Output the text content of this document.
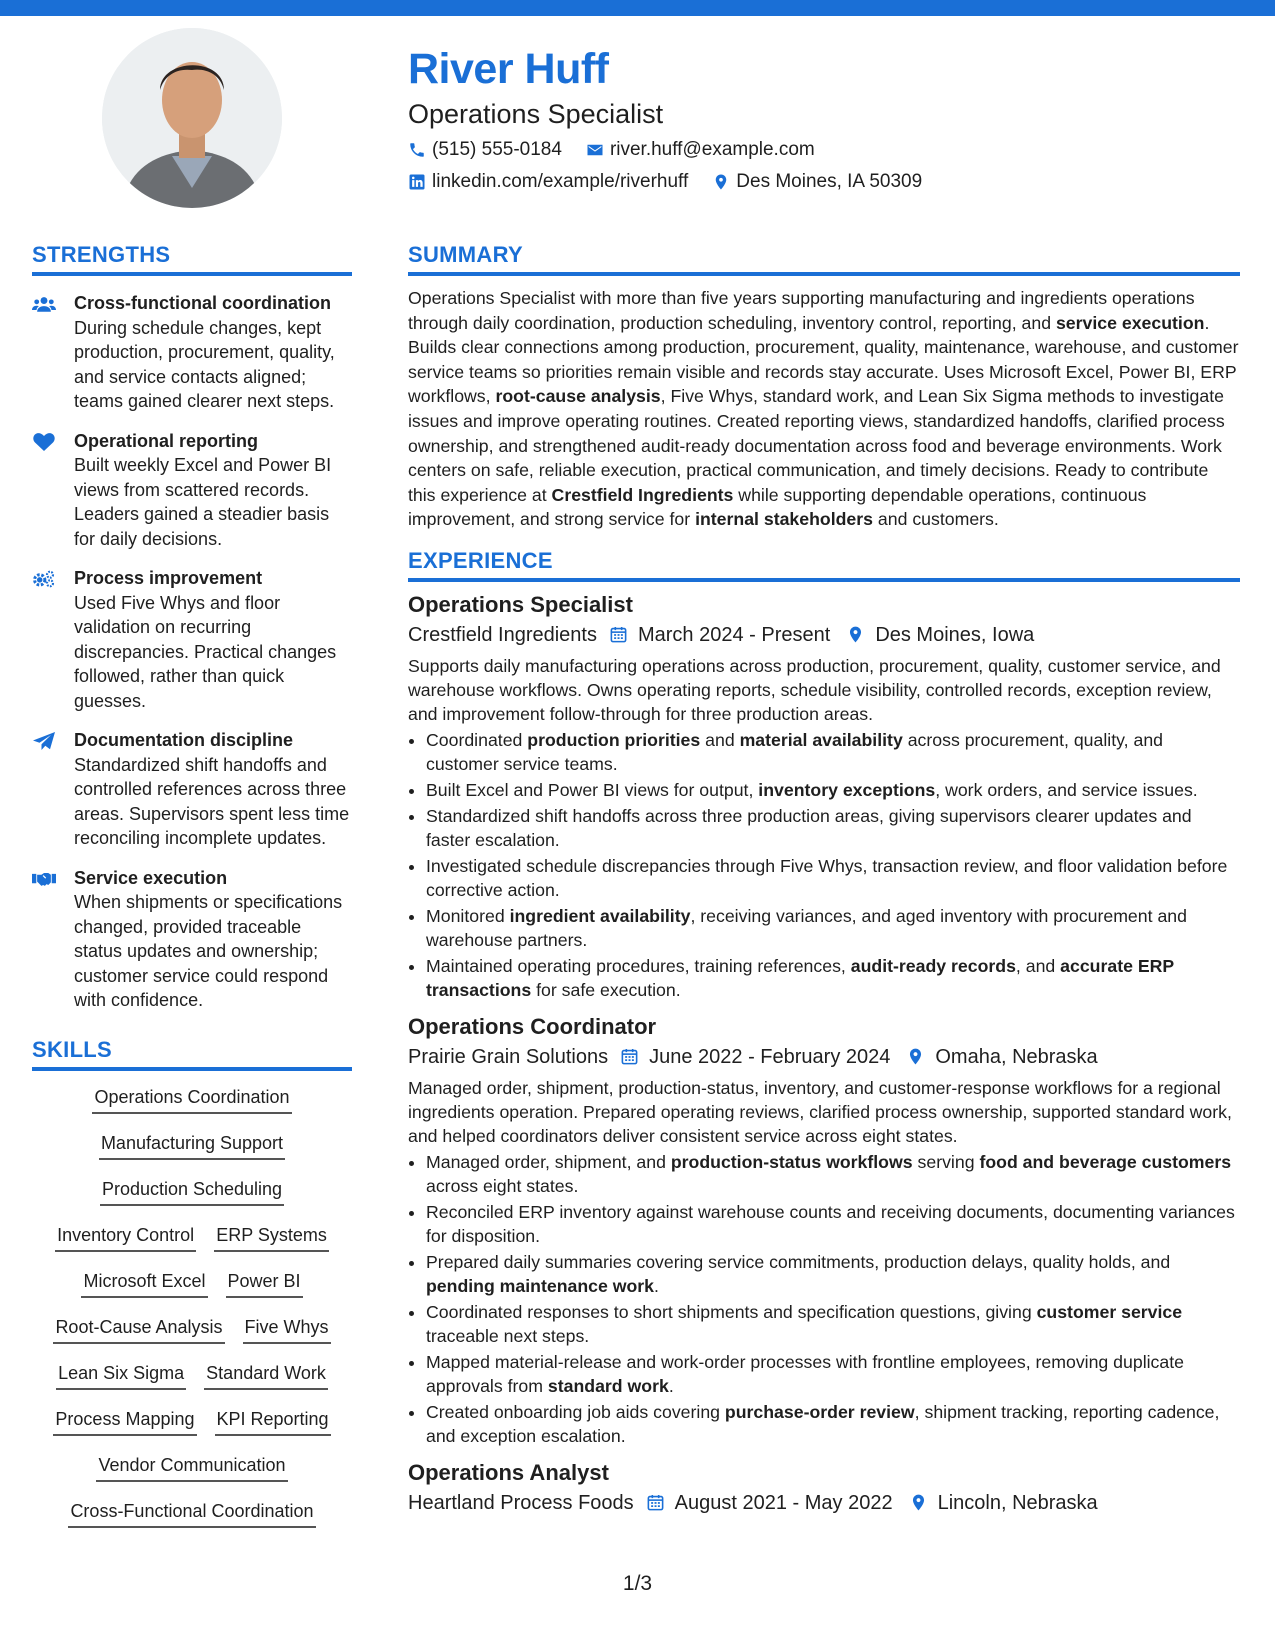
River Huff
Operations Specialist
(515) 555-0184	river.huff@example.com
linkedin.com/example/riverhuff	Des Moines, IA 50309
STRENGTHS
Cross-functional coordination
During schedule changes, kept production, procurement, quality, and service contacts aligned; teams gained clearer next steps.
Operational reporting
Built weekly Excel and Power BI views from scattered records. Leaders gained a steadier basis for daily decisions.
Process improvement
Used Five Whys and floor validation on recurring discrepancies. Practical changes followed, rather than quick guesses.
Documentation discipline
Standardized shift handoffs and controlled references across three areas. Supervisors spent less time reconciling incomplete updates.
Service execution
When shipments or specifications changed, provided traceable status updates and ownership; customer service could respond with confidence.
SKILLS
Operations Coordination
Manufacturing Support
Production Scheduling
Inventory Control ERP Systems
Microsoft Excel Power BI
Root-Cause Analysis Five Whys
Lean Six Sigma Standard Work
Process Mapping KPI Reporting
Vendor Communication
Cross-Functional Coordination
SUMMARY

Operations Specialist with more than five years supporting manufacturing and ingredients operations through daily coordination, production scheduling, inventory control, reporting, and service execution. Builds clear connections among production, procurement, quality, maintenance, warehouse, and customer service teams so priorities remain visible and records stay accurate. Uses Microsoft Excel, Power BI, ERP workflows, root-cause analysis, Five Whys, standard work, and Lean Six Sigma methods to investigate issues and improve operating routines. Created reporting views, standardized handoffs, clarified process ownership, and strengthened audit-ready documentation across food and beverage environments. Work centers on safe, reliable execution, practical communication, and timely decisions. Ready to contribute this experience at Crestfield Ingredients while supporting dependable operations, continuous improvement, and strong service for internal stakeholders and customers.

EXPERIENCE
Operations Specialist
Crestfield Ingredients March 2024 - Present Des Moines, Iowa

Supports daily manufacturing operations across production, procurement, quality, customer service, and warehouse workflows. Owns operating reports, schedule visibility, controlled records, exception review, and improvement follow-through for three production areas.

• Coordinated production priorities and material availability across procurement, quality, and customer service teams.
• Built Excel and Power BI views for output, inventory exceptions, work orders, and service issues.
• Standardized shift handoffs across three production areas, giving supervisors clearer updates and faster escalation.
• Investigated schedule discrepancies through Five Whys, transaction review, and floor validation before corrective action.
• Monitored ingredient availability, receiving variances, and aged inventory with procurement and warehouse partners.
• Maintained operating procedures, training references, audit-ready records, and accurate ERP transactions for safe execution.
Operations Coordinator
Prairie Grain Solutions June 2022 - February 2024 Omaha, Nebraska

Managed order, shipment, production-status, inventory, and customer-response workflows for a regional ingredients operation. Prepared operating reviews, clarified process ownership, supported standard work, and helped coordinators deliver consistent service across eight states.

• Managed order, shipment, and production-status workflows serving food and beverage customers across eight states.
• Reconciled ERP inventory against warehouse counts and receiving documents, documenting variances for disposition.
• Prepared daily summaries covering service commitments, production delays, quality holds, and pending maintenance work.
• Coordinated responses to short shipments and specification questions, giving customer service traceable next steps.
• Mapped material-release and work-order processes with frontline employees, removing duplicate approvals from standard work.
• Created onboarding job aids covering purchase-order review, shipment tracking, reporting cadence, and exception escalation.
Operations Analyst
Heartland Process Foods August 2021 - May 2022 Lincoln, Nebraska
1/3
